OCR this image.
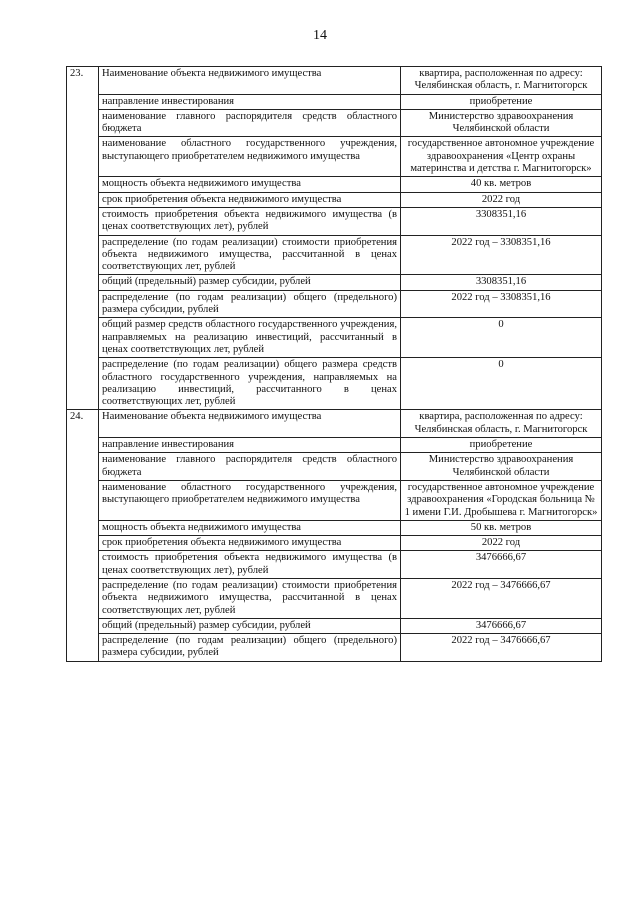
14
23.	Наименование объекта недвижимого имущества	квартира, расположенная по адресу: Челябинская область, г. Магнитогорск
	направление инвестирования	приобретение
	наименование главного распорядителя средств областного бюджета	Министерство здравоохранения Челябинской области
	наименование областного государственного учреждения, выступающего приобретателем недвижимого имущества	государственное автономное учреждение здравоохранения «Центр охраны материнства и детства г. Магнитогорск»
	мощность объекта недвижимого имущества	40 кв. метров
	срок приобретения объекта недвижимого имущества	2022 год
	стоимость приобретения объекта недвижимого имущества (в ценах соответствующих лет), рублей	3308351,16
	распределение (по годам реализации) стоимости приобретения объекта недвижимого имущества, рассчитанной в ценах соответствующих лет, рублей	2022 год – 3308351,16
	общий (предельный) размер субсидии, рублей	3308351,16
	распределение (по годам реализации) общего (предельного) размера субсидии, рублей	2022 год – 3308351,16
	общий размер средств областного государственного учреждения, направляемых на реализацию инвестиций, рассчитанный в ценах соответствующих лет, рублей	0
	распределение (по годам реализации) общего размера средств областного государственного учреждения, направляемых на реализацию инвестиций, рассчитанного в ценах соответствующих лет, рублей	0
24.	Наименование объекта недвижимого имущества	квартира, расположенная по адресу: Челябинская область, г. Магнитогорск
	направление инвестирования	приобретение
	наименование главного распорядителя средств областного бюджета	Министерство здравоохранения Челябинской области
	наименование областного государственного учреждения, выступающего приобретателем недвижимого имущества	государственное автономное учреждение здравоохранения «Городская больница № 1 имени Г.И. Дробышева г. Магнитогорск»
	мощность объекта недвижимого имущества	50 кв. метров
	срок приобретения объекта недвижимого имущества	2022 год
	стоимость приобретения объекта недвижимого имущества (в ценах соответствующих лет), рублей	3476666,67
	распределение (по годам реализации) стоимости приобретения объекта недвижимого имущества, рассчитанной в ценах соответствующих лет, рублей	2022 год – 3476666,67
	общий (предельный) размер субсидии, рублей	3476666,67
	распределение (по годам реализации) общего (предельного) размера субсидии, рублей	2022 год – 3476666,67
